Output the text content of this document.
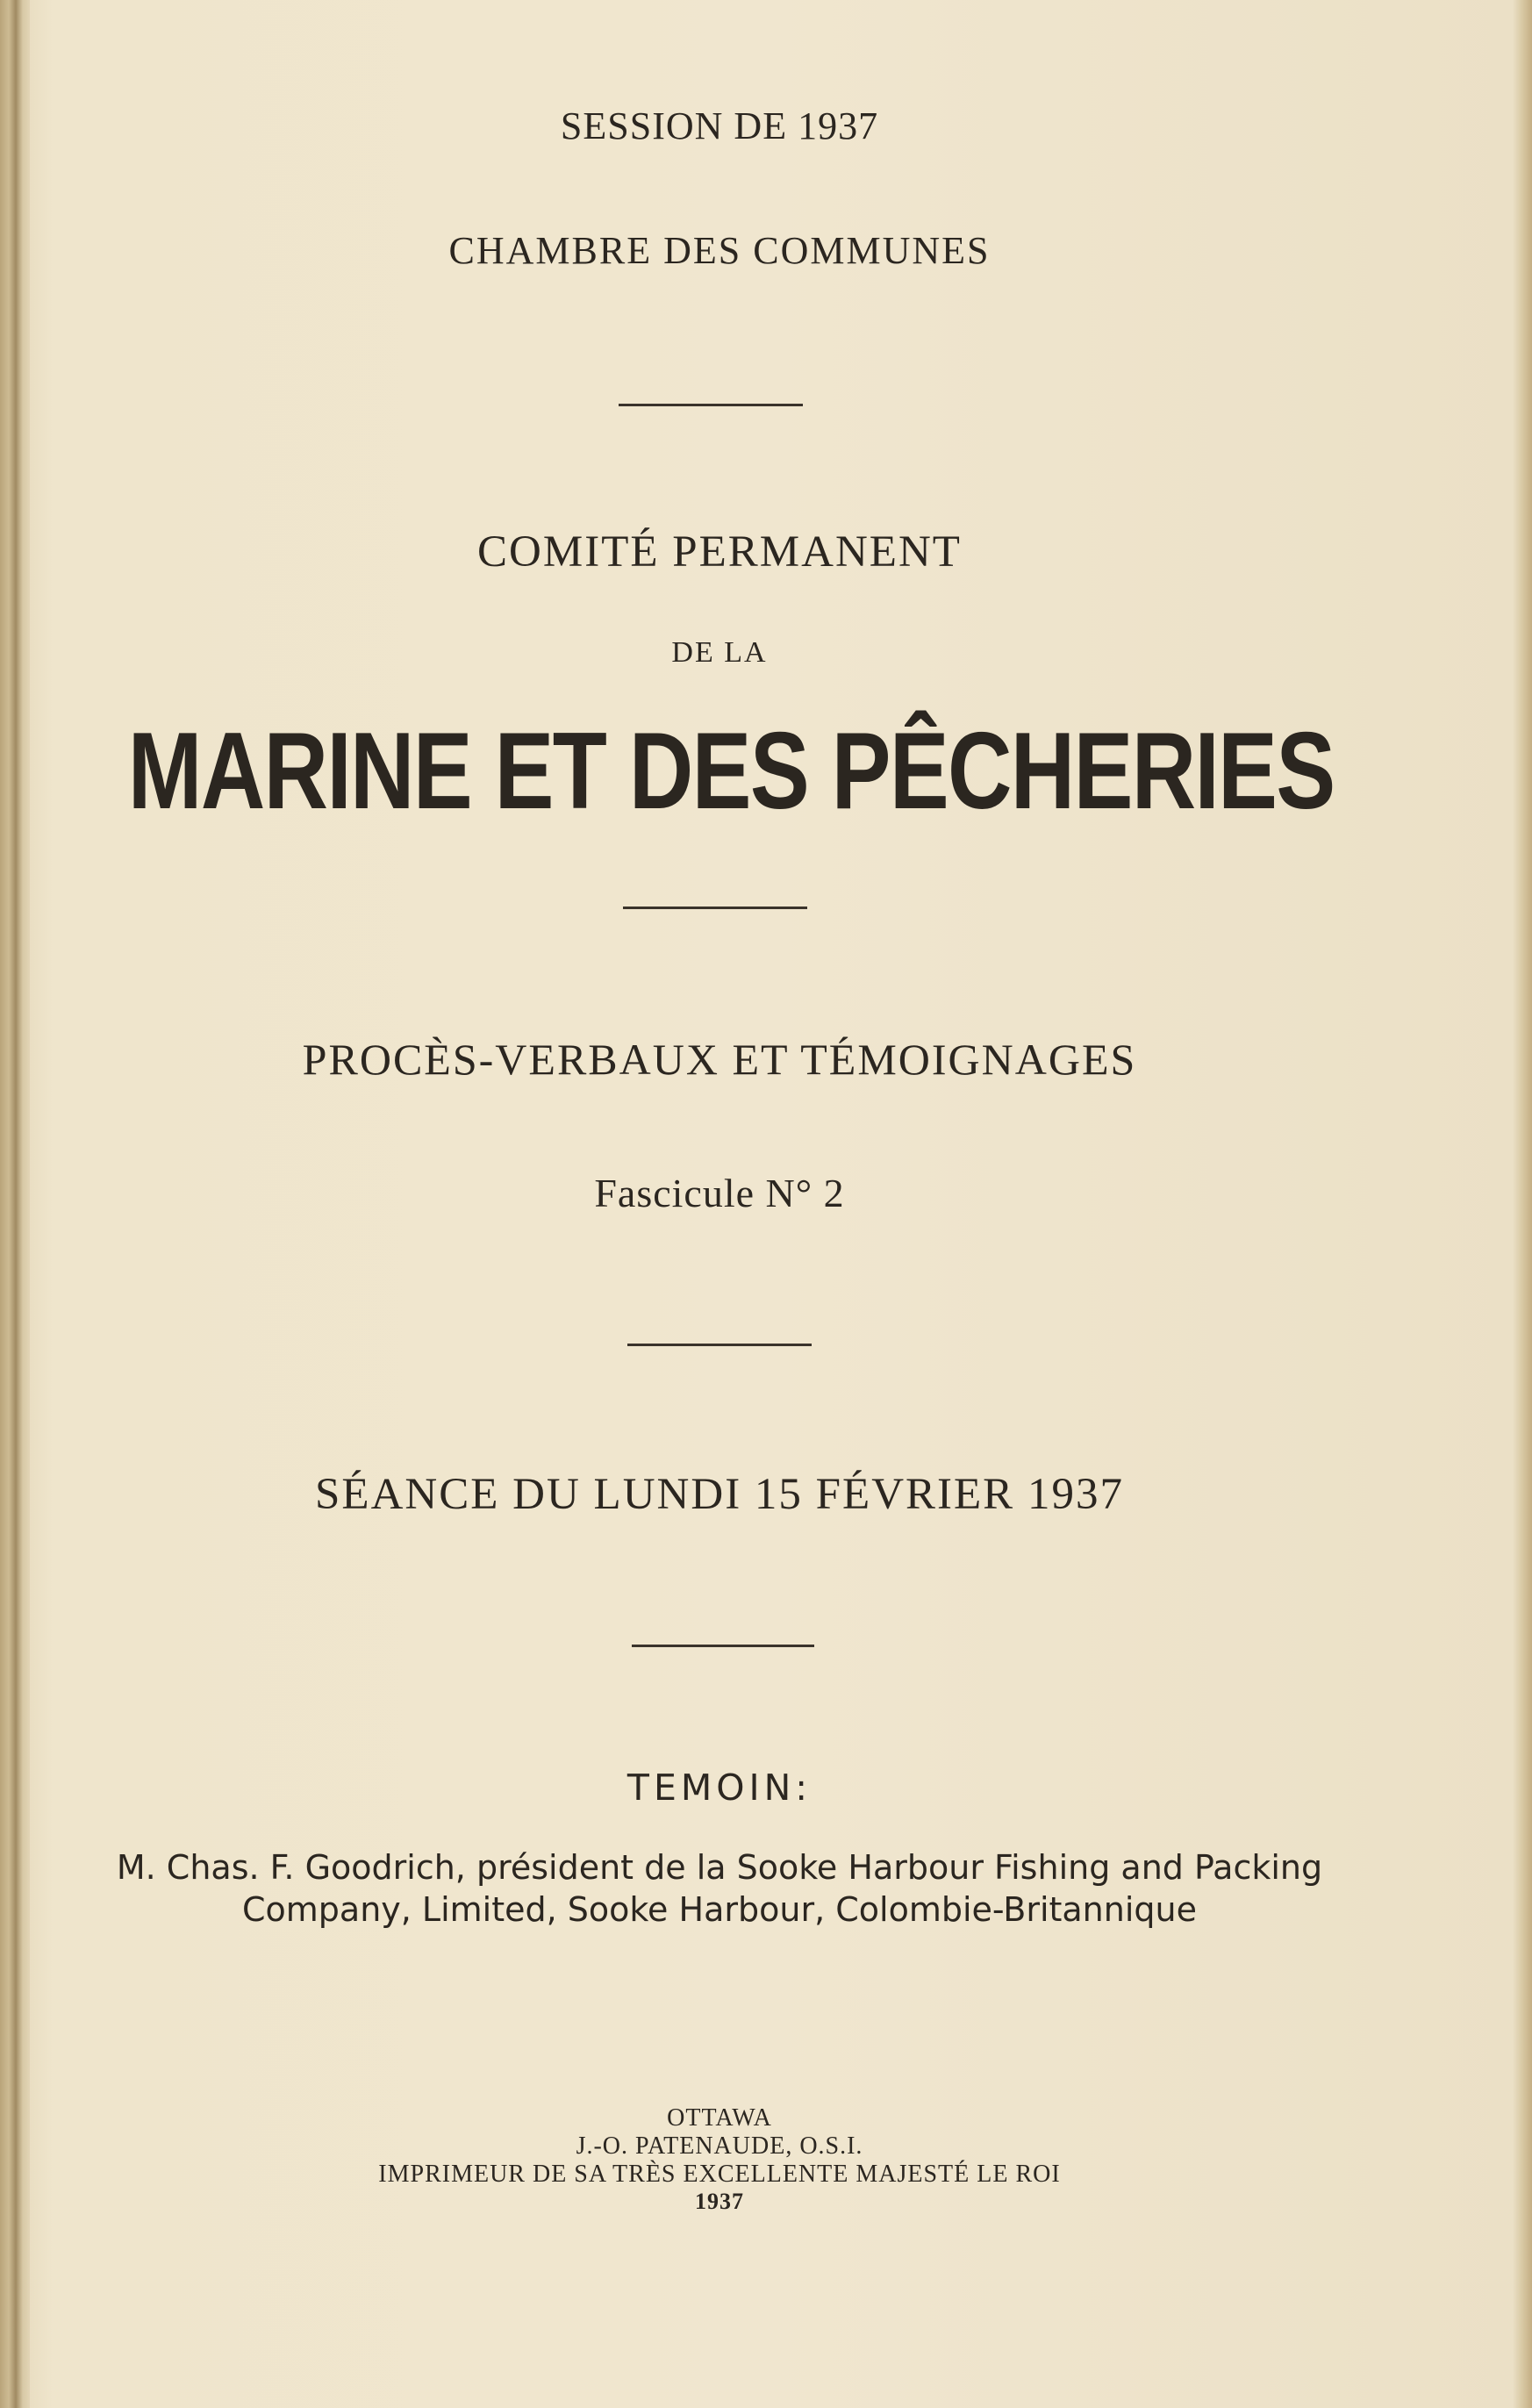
SESSION DE 1937
CHAMBRE DES COMMUNES
COMITÉ PERMANENT
DE LA
MARINE ET DES PÊCHERIES
PROCÈS-VERBAUX ET TÉMOIGNAGES
Fascicule N° 2
SÉANCE DU LUNDI 15 FÉVRIER 1937
TEMOIN:
M. Chas. F. Goodrich, président de la Sooke Harbour Fishing and Packing
Company, Limited, Sooke Harbour, Colombie-Britannique
OTTAWA
J.-O. PATENAUDE, O.S.I.
IMPRIMEUR DE SA TRÈS EXCELLENTE MAJESTÉ LE ROI
1937
